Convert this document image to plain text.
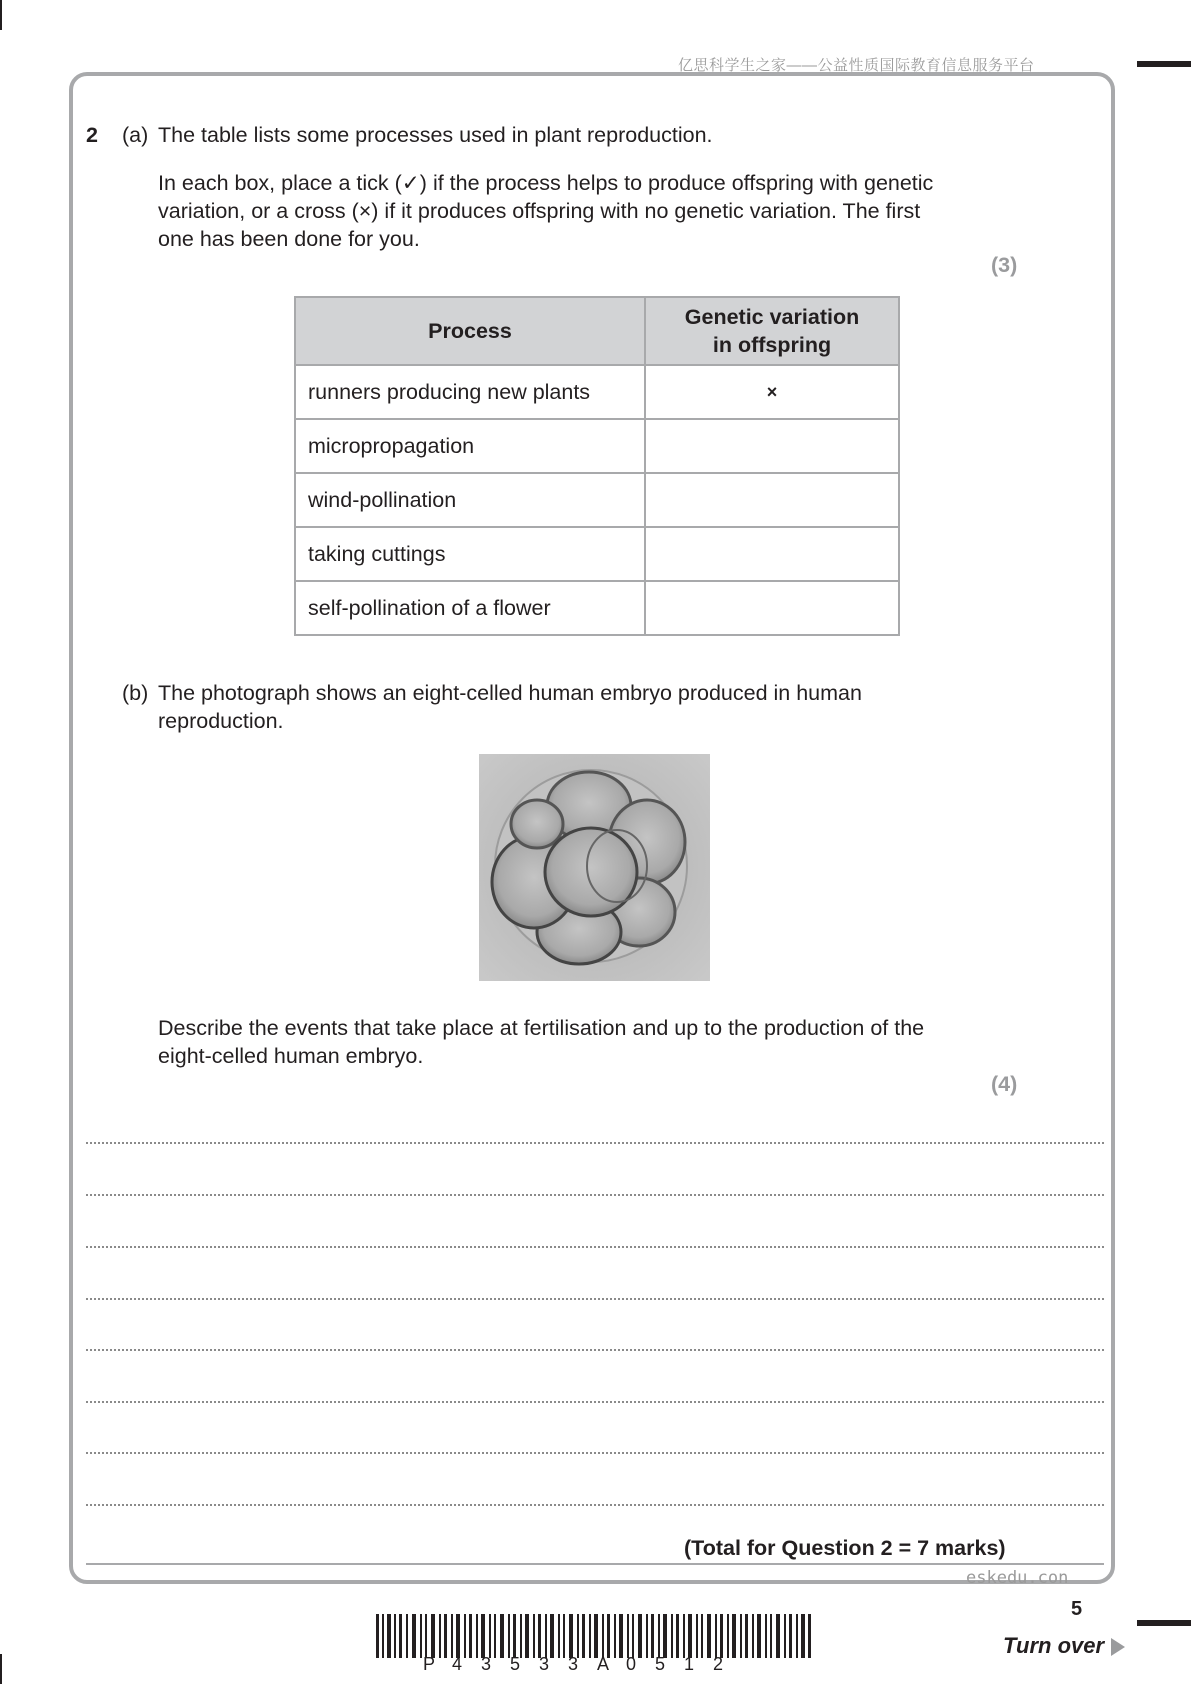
亿思科学生之家——公益性质国际教育信息服务平台
2 (a) The table lists some processes used in plant reproduction.
In each box, place a tick (✓) if the process helps to produce offspring with genetic
variation, or a cross (×) if it produces offspring with no genetic variation. The first
one has been done for you.
(3)
Process	Genetic variation
in offspring
runners producing new plants	×
micropropagation	
wind-pollination	
taking cuttings	
self-pollination of a flower	
(b) The photograph shows an eight-celled human embryo produced in human
reproduction.
Describe the events that take place at fertilisation and up to the production of the
eight-celled human embryo.
(4)
(Total for Question 2 = 7 marks)
eskedu.con
5
P 4 3 5 3 3 A 0 5 1 2
Turn over
